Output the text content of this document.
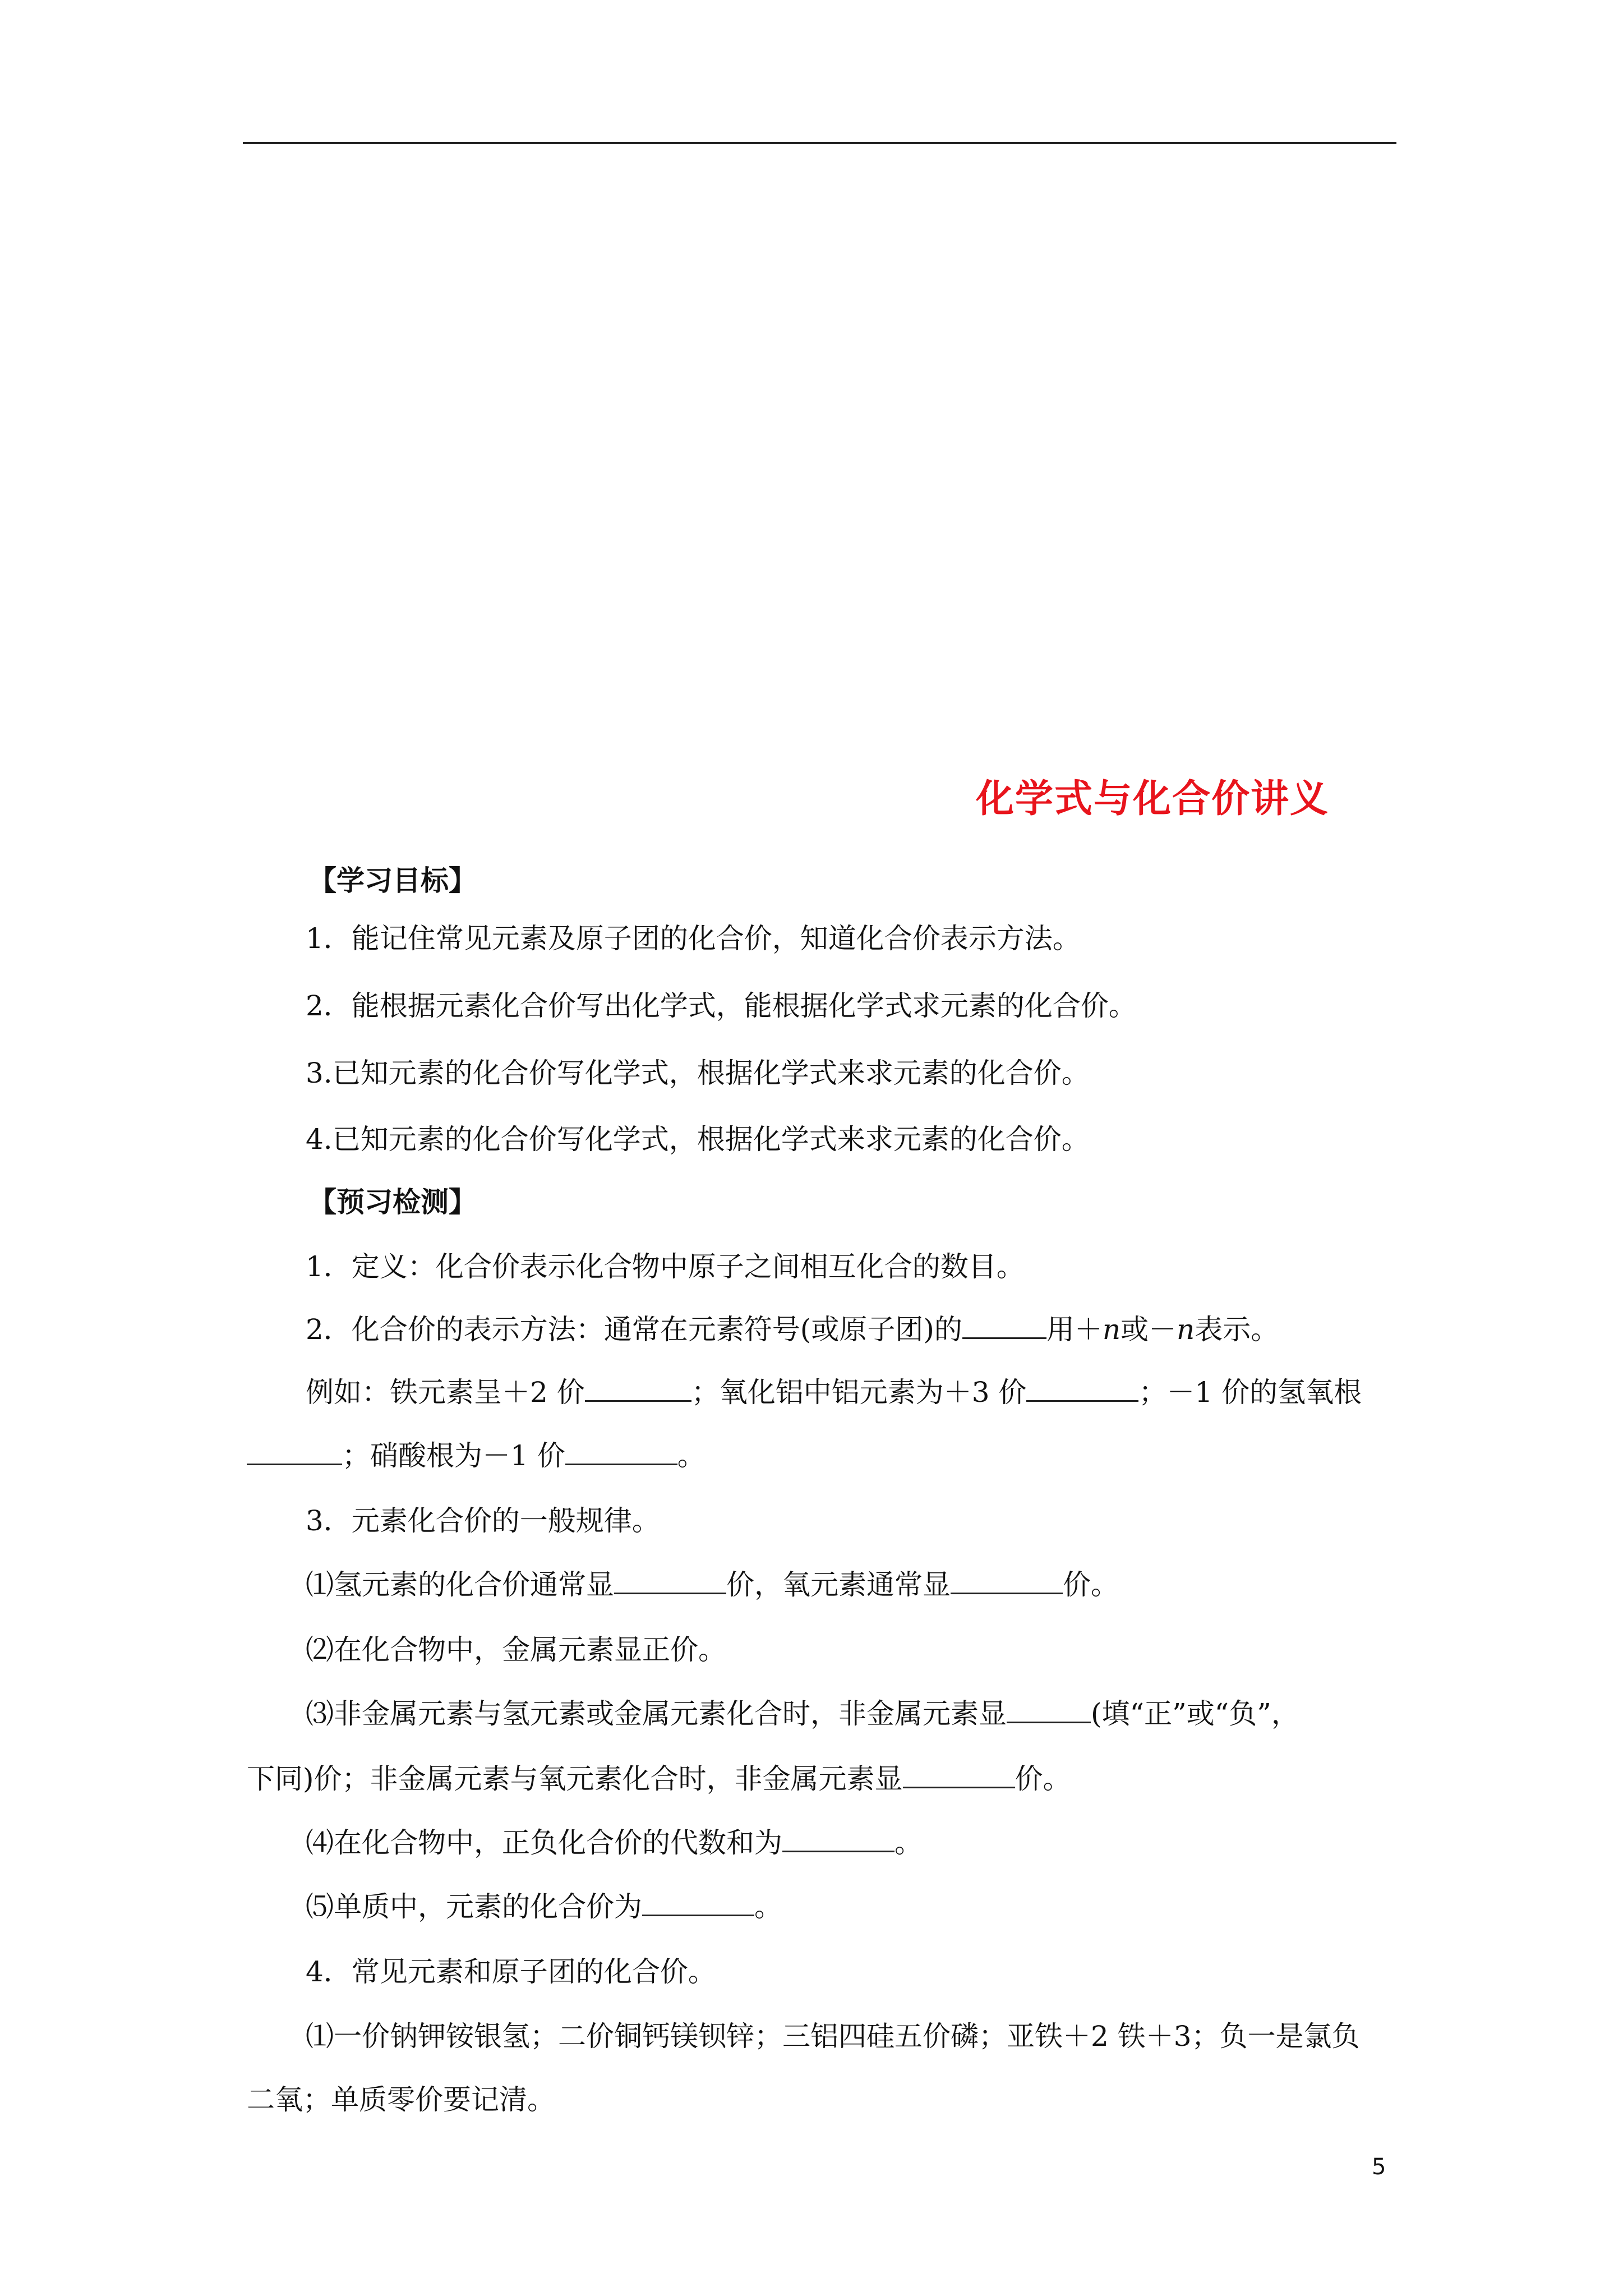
化学式与化合价讲义
【学习目标】
1．能记住常见元素及原子团的化合价，知道化合价表示方法。
2．能根据元素化合价写出化学式，能根据化学式求元素的化合价。
3.已知元素的化合价写化学式，根据化学式来求元素的化合价。
4.已知元素的化合价写化学式，根据化学式来求元素的化合价。
【预习检测】
1．定义：化合价表示化合物中原子之间相互化合的数目。
2．化合价的表示方法：通常在元素符号(或原子团)的	用＋n或－n表示。
例如：铁元素呈＋2 价	；氧化铝中铝元素为＋3 价	；－1 价的氢氧根
；硝酸根为－1 价	。
3．元素化合价的一般规律。
⑴氢元素的化合价通常显	价，氧元素通常显	价。
⑵在化合物中，金属元素显正价。
⑶非金属元素与氢元素或金属元素化合时，非金属元素显	(填“正”或“负”，
下同)价；非金属元素与氧元素化合时，非金属元素显	价。
⑷在化合物中，正负化合价的代数和为	。
⑸单质中，元素的化合价为	。
4．常见元素和原子团的化合价。
⑴一价钠钾铵银氢；二价铜钙镁钡锌；三铝四硅五价磷；亚铁＋2 铁＋3；负一是氯负
二氧；单质零价要记清。
5
